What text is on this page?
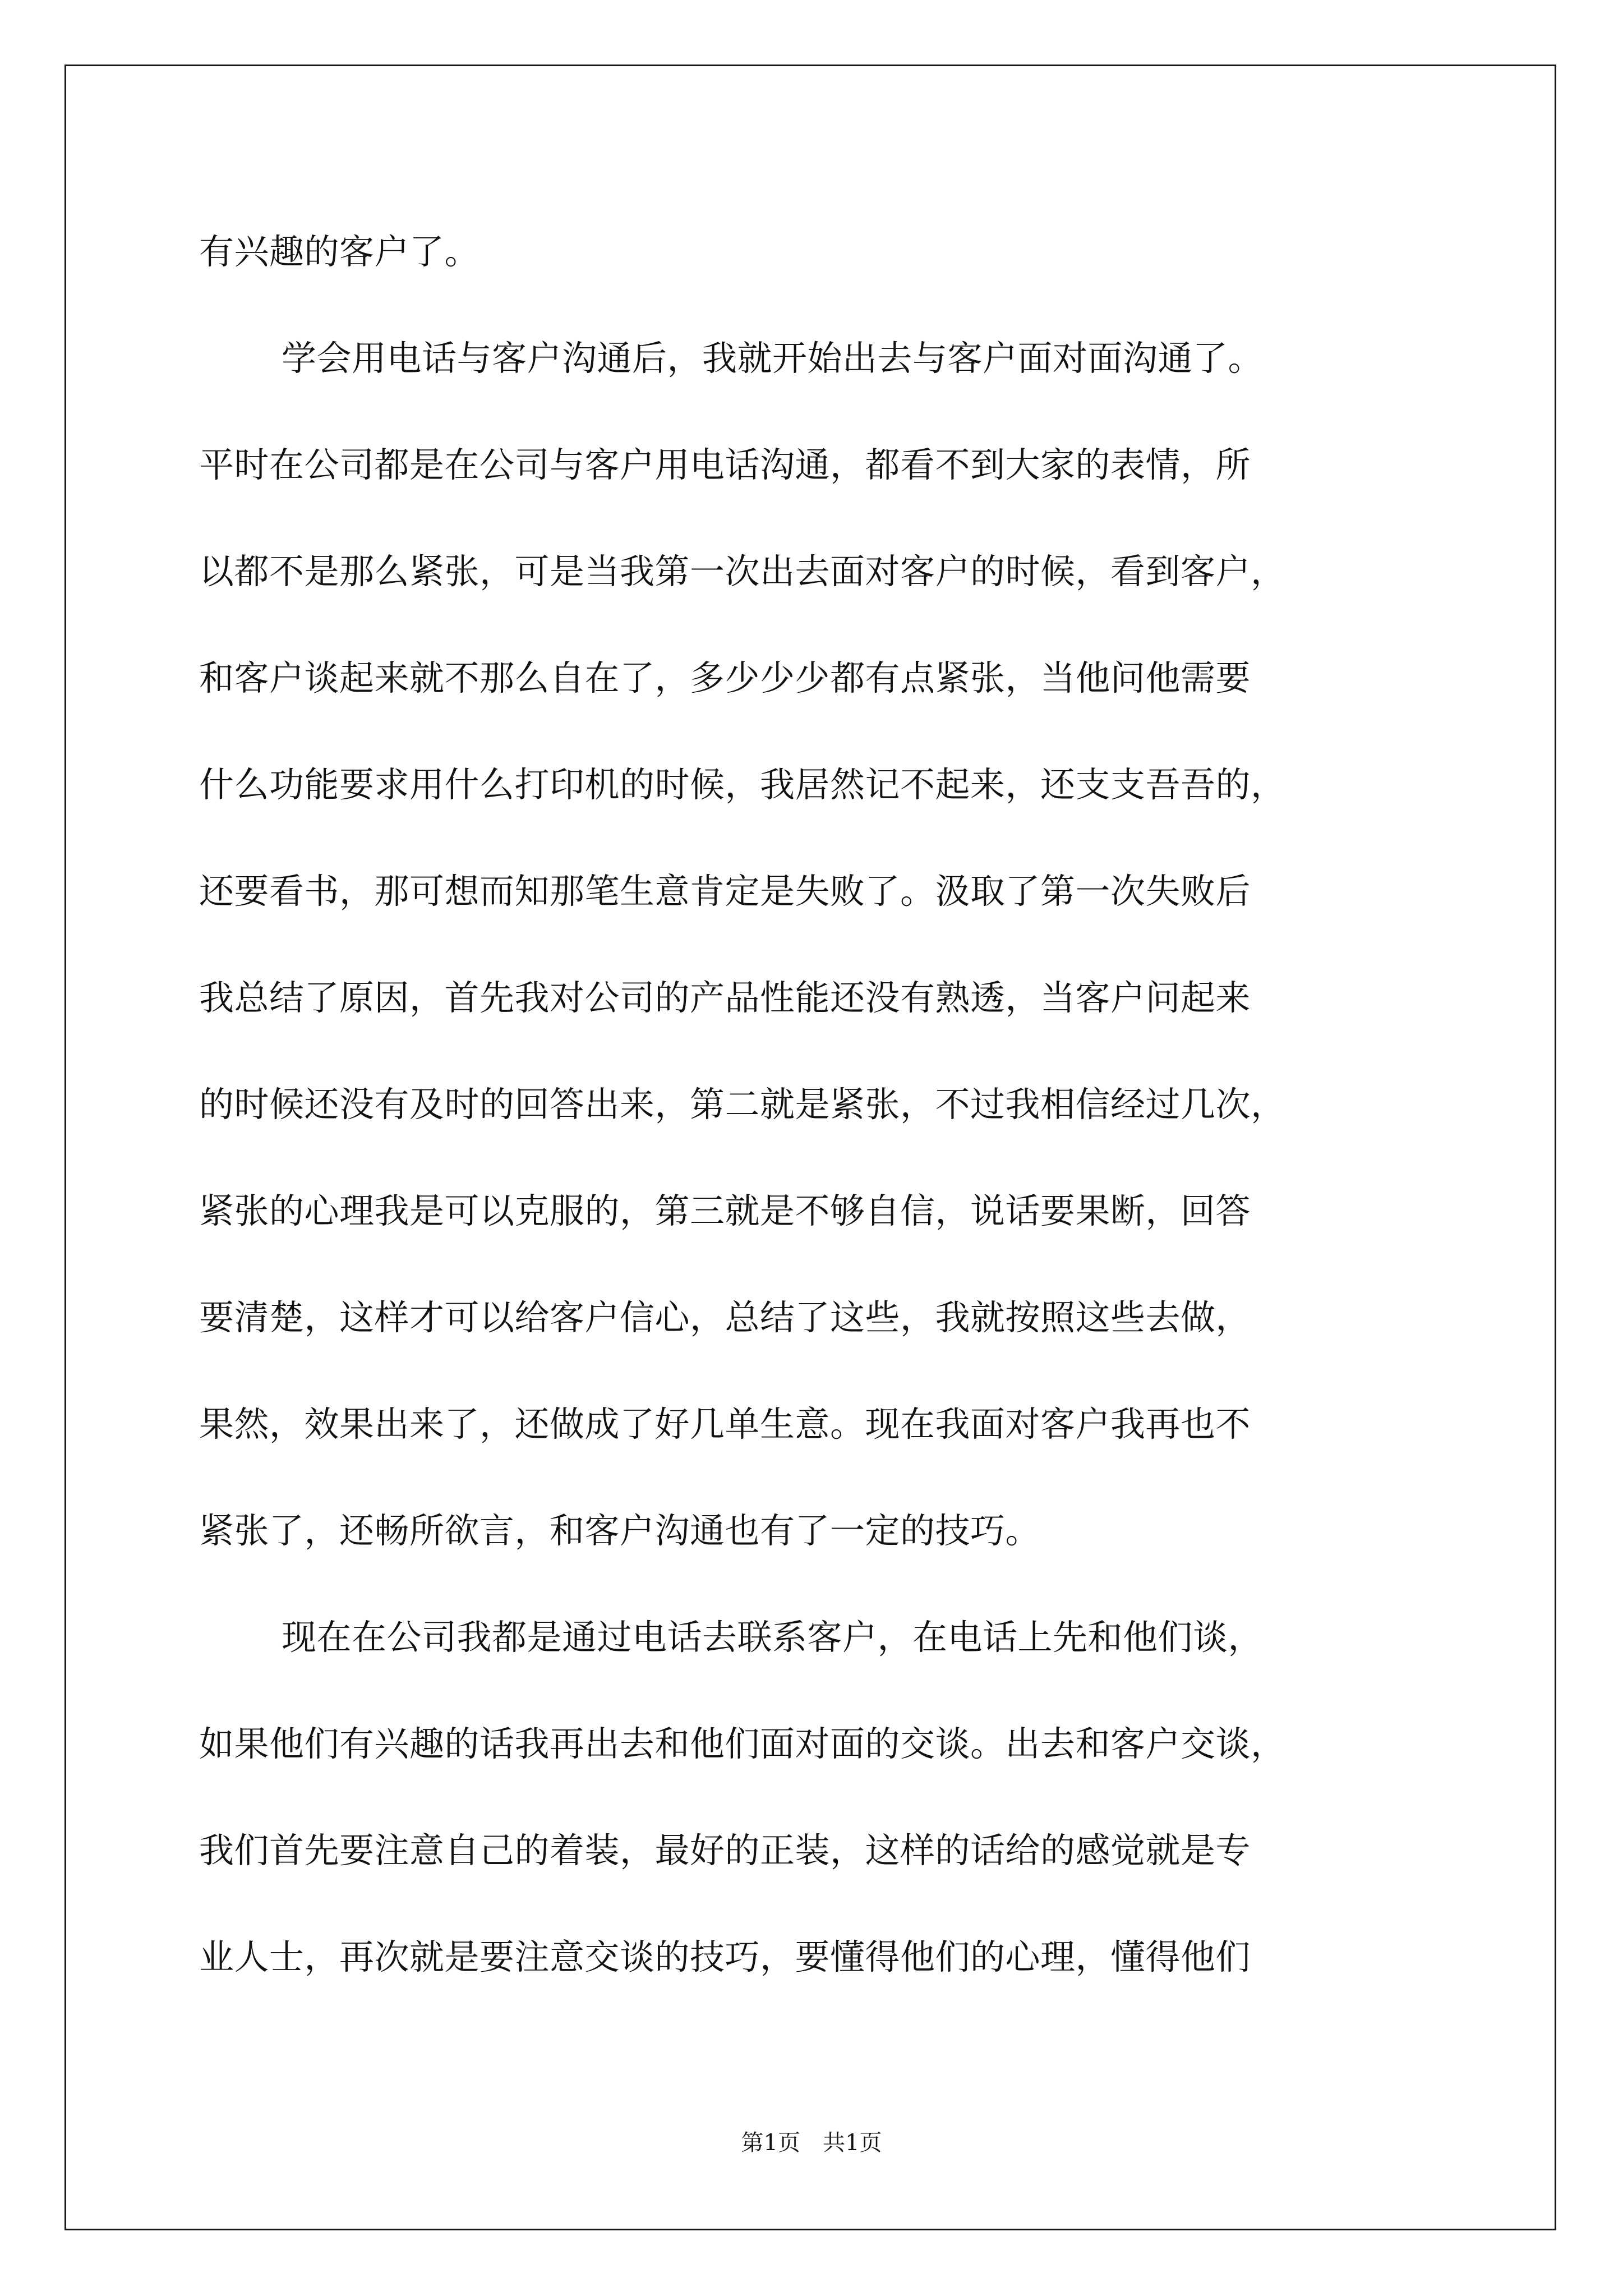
有兴趣的客户了。
学会用电话与客户沟通后，我就开始出去与客户面对面沟通了。
平时在公司都是在公司与客户用电话沟通，都看不到大家的表情，所
以都不是那么紧张，可是当我第一次出去面对客户的时候，看到客户，
和客户谈起来就不那么自在了，多少少少都有点紧张，当他问他需要
什么功能要求用什么打印机的时候，我居然记不起来，还支支吾吾的，
还要看书，那可想而知那笔生意肯定是失败了。汲取了第一次失败后
我总结了原因，首先我对公司的产品性能还没有熟透，当客户问起来
的时候还没有及时的回答出来，第二就是紧张，不过我相信经过几次，
紧张的心理我是可以克服的，第三就是不够自信，说话要果断，回答
要清楚，这样才可以给客户信心，总结了这些，我就按照这些去做，
果然，效果出来了，还做成了好几单生意。现在我面对客户我再也不
紧张了，还畅所欲言，和客户沟通也有了一定的技巧。
现在在公司我都是通过电话去联系客户，在电话上先和他们谈，
如果他们有兴趣的话我再出去和他们面对面的交谈。出去和客户交谈，
我们首先要注意自己的着装，最好的正装，这样的话给的感觉就是专
业人士，再次就是要注意交谈的技巧，要懂得他们的心理，懂得他们
第1页　共1页
